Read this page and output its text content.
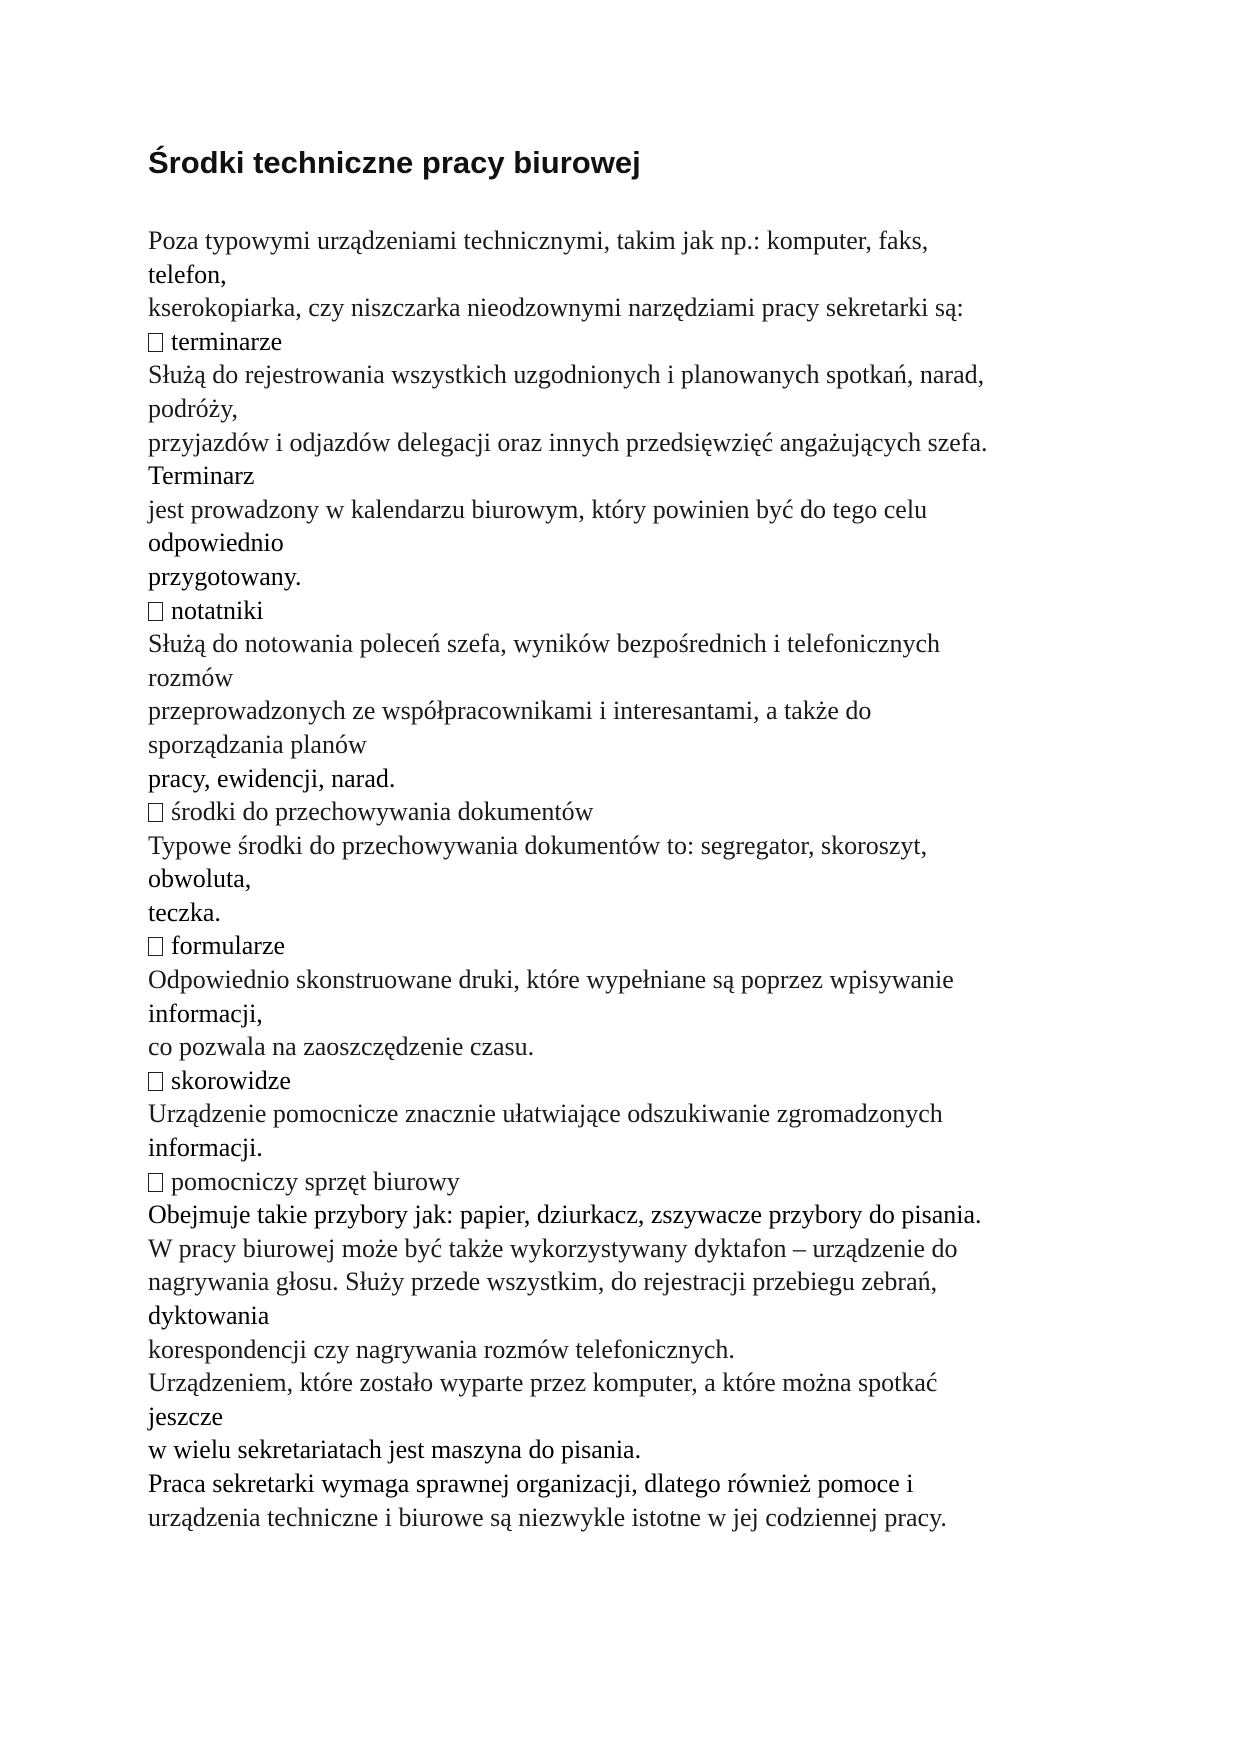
Środki techniczne pracy biurowej
Poza typowymi urządzeniami technicznymi, takim jak np.: komputer, faks,
telefon,
kserokopiarka, czy niszczarka nieodzownymi narzędziami pracy sekretarki są:
terminarze
Służą do rejestrowania wszystkich uzgodnionych i planowanych spotkań, narad,
podróży,
przyjazdów i odjazdów delegacji oraz innych przedsięwzięć angażujących szefa.
Terminarz
jest prowadzony w kalendarzu biurowym, który powinien być do tego celu
odpowiednio
przygotowany.
notatniki
Służą do notowania poleceń szefa, wyników bezpośrednich i telefonicznych
rozmów
przeprowadzonych ze współpracownikami i interesantami, a także do
sporządzania planów
pracy, ewidencji, narad.
środki do przechowywania dokumentów
Typowe środki do przechowywania dokumentów to: segregator, skoroszyt,
obwoluta,
teczka.
formularze
Odpowiednio skonstruowane druki, które wypełniane są poprzez wpisywanie
informacji,
co pozwala na zaoszczędzenie czasu.
skorowidze
Urządzenie pomocnicze znacznie ułatwiające odszukiwanie zgromadzonych
informacji.
pomocniczy sprzęt biurowy
Obejmuje takie przybory jak: papier, dziurkacz, zszywacze przybory do pisania.
W pracy biurowej może być także wykorzystywany dyktafon – urządzenie do
nagrywania głosu. Służy przede wszystkim, do rejestracji przebiegu zebrań,
dyktowania
korespondencji czy nagrywania rozmów telefonicznych.
Urządzeniem, które zostało wyparte przez komputer, a które można spotkać
jeszcze
w wielu sekretariatach jest maszyna do pisania.
Praca sekretarki wymaga sprawnej organizacji, dlatego również pomoce i
urządzenia techniczne i biurowe są niezwykle istotne w jej codziennej pracy.
